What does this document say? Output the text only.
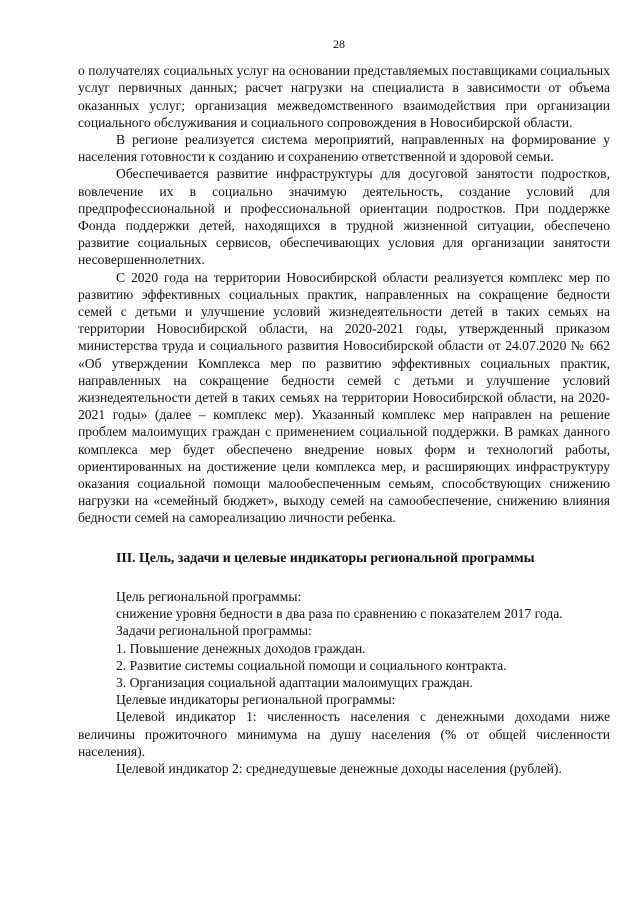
28

о получателях социальных услуг на основании представляемых поставщиками социальных услуг первичных данных; расчет нагрузки на специалиста в зависимости от объема оказанных услуг; организация межведомственного взаимодействия при организации социального обслуживания и социального сопровождения в Новосибирской области.

В регионе реализуется система мероприятий, направленных на формирование у населения готовности к созданию и сохранению ответственной и здоровой семьи.

Обеспечивается развитие инфраструктуры для досуговой занятости подростков, вовлечение их в социально значимую деятельность, создание условий для предпрофессиональной и профессиональной ориентации подростков. При поддержке Фонда поддержки детей, находящихся в трудной жизненной ситуации, обеспечено развитие социальных сервисов, обеспечивающих условия для организации занятости несовершеннолетних.

С 2020 года на территории Новосибирской области реализуется комплекс мер по развитию эффективных социальных практик, направленных на сокращение бедности семей с детьми и улучшение условий жизнедеятельности детей в таких семьях на территории Новосибирской области, на 2020-2021 годы, утвержденный приказом министерства труда и социального развития Новосибирской области от 24.07.2020 № 662 «Об утверждении Комплекса мер по развитию эффективных социальных практик, направленных на сокращение бедности семей с детьми и улучшение условий жизнедеятельности детей в таких семьях на территории Новосибирской области, на 2020-2021 годы» (далее – комплекс мер). Указанный комплекс мер направлен на решение проблем малоимущих граждан с применением социальной поддержки. В рамках данного комплекса мер будет обеспечено внедрение новых форм и технологий работы, ориентированных на достижение цели комплекса мер, и расширяющих инфраструктуру оказания социальной помощи малообеспеченным семьям, способствующих снижению нагрузки на «семейный бюджет», выходу семей на самообеспечение, снижению влияния бедности семей на самореализацию личности ребенка.

III. Цель, задачи и целевые индикаторы региональной программы

Цель региональной программы:

снижение уровня бедности в два раза по сравнению с показателем 2017 года.

Задачи региональной программы:

1. Повышение денежных доходов граждан.

2. Развитие системы социальной помощи и социального контракта.

3. Организация социальной адаптации малоимущих граждан.

Целевые индикаторы региональной программы:

Целевой индикатор 1: численность населения с денежными доходами ниже величины прожиточного минимума на душу населения (% от общей численности населения).

Целевой индикатор 2: среднедушевые денежные доходы населения (рублей).
